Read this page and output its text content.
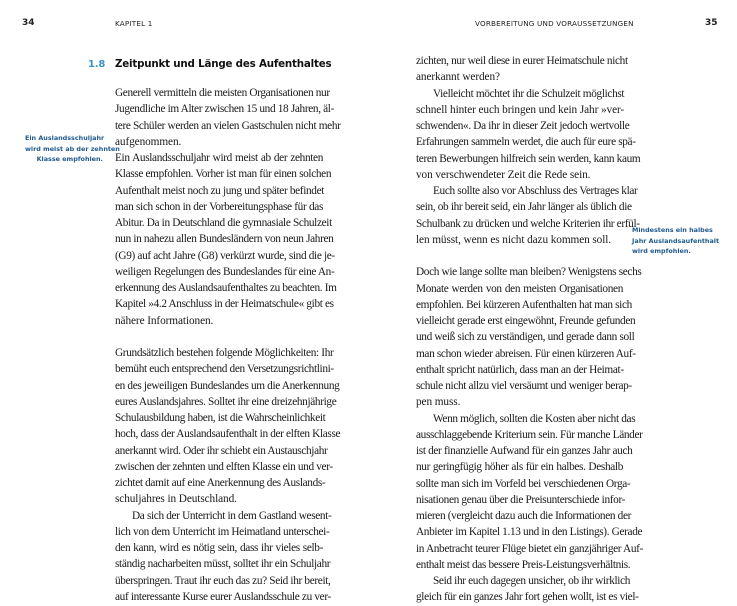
34	KAPITEL 1
1.8 Zeitpunkt und Länge des Aufenthaltes
Ein Auslandsschuljahr
wird meist ab der zehnten
Klasse empfohlen.
Generell vermitteln die meisten Organisationen nur
Jugendliche im Alter zwischen 15 und 18 Jahren, äl-
tere Schüler werden an vielen Gastschulen nicht mehr
aufgenommen.
Ein Auslandsschuljahr wird meist ab der zehnten
Klasse empfohlen. Vorher ist man für einen solchen
Aufenthalt meist noch zu jung und später befindet
man sich schon in der Vorbereitungsphase für das
Abitur. Da in Deutschland die gymnasiale Schulzeit
nun in nahezu allen Bundesländern von neun Jahren
(G9) auf acht Jahre (G8) verkürzt wurde, sind die je-
weiligen Regelungen des Bundeslandes für eine An-
erkennung des Auslandsaufenthaltes zu beachten. Im
Kapitel »4.2 Anschluss in der Heimatschule« gibt es
nähere Informationen.
Grundsätzlich bestehen folgende Möglichkeiten: Ihr
bemüht euch entsprechend den Versetzungsrichtlini-
en des jeweiligen Bundeslandes um die Anerkennung
eures Auslandsjahres. Solltet ihr eine dreizehnjährige
Schulausbildung haben, ist die Wahrscheinlichkeit
hoch, dass der Auslandsaufenthalt in der elften Klasse
anerkannt wird. Oder ihr schiebt ein Austauschjahr
zwischen der zehnten und elften Klasse ein und ver-
zichtet damit auf eine Anerkennung des Auslands-
schuljahres in Deutschland.
Da sich der Unterricht in dem Gastland wesent-
lich von dem Unterricht im Heimatland unterschei-
den kann, wird es nötig sein, dass ihr vieles selb-
ständig nacharbeiten müsst, solltet ihr ein Schuljahr
überspringen. Traut ihr euch das zu? Seid ihr bereit,
auf interessante Kurse eurer Auslandsschule zu ver-
VORBEREITUNG UND VORAUSSETZUNGEN	35
Mindestens ein halbes
Jahr Auslandsaufenthalt
wird empfohlen.
zichten, nur weil diese in eurer Heimatschule nicht
anerkannt werden?
Vielleicht möchtet ihr die Schulzeit möglichst
schnell hinter euch bringen und kein Jahr »ver-
schwenden«. Da ihr in dieser Zeit jedoch wertvolle
Erfahrungen sammeln werdet, die auch für eure spä-
teren Bewerbungen hilfreich sein werden, kann kaum
von verschwendeter Zeit die Rede sein.
Euch sollte also vor Abschluss des Vertrages klar
sein, ob ihr bereit seid, ein Jahr länger als üblich die
Schulbank zu drücken und welche Kriterien ihr erfül-
len müsst, wenn es nicht dazu kommen soll.
Doch wie lange sollte man bleiben? Wenigstens sechs
Monate werden von den meisten Organisationen
empfohlen. Bei kürzeren Aufenthalten hat man sich
vielleicht gerade erst eingewöhnt, Freunde gefunden
und weiß sich zu verständigen, und gerade dann soll
man schon wieder abreisen. Für einen kürzeren Auf-
enthalt spricht natürlich, dass man an der Heimat-
schule nicht allzu viel versäumt und weniger berap-
pen muss.
Wenn möglich, sollten die Kosten aber nicht das
ausschlaggebende Kriterium sein. Für manche Länder
ist der finanzielle Aufwand für ein ganzes Jahr auch
nur geringfügig höher als für ein halbes. Deshalb
sollte man sich im Vorfeld bei verschiedenen Orga-
nisationen genau über die Preisunterschiede infor-
mieren (vergleicht dazu auch die Informationen der
Anbieter im Kapitel 1.13 und in den Listings). Gerade
in Anbetracht teurer Flüge bietet ein ganzjähriger Auf-
enthalt meist das bessere Preis-Leistungsverhältnis.
Seid ihr euch dagegen unsicher, ob ihr wirklich
gleich für ein ganzes Jahr fort gehen wollt, ist es viel-
